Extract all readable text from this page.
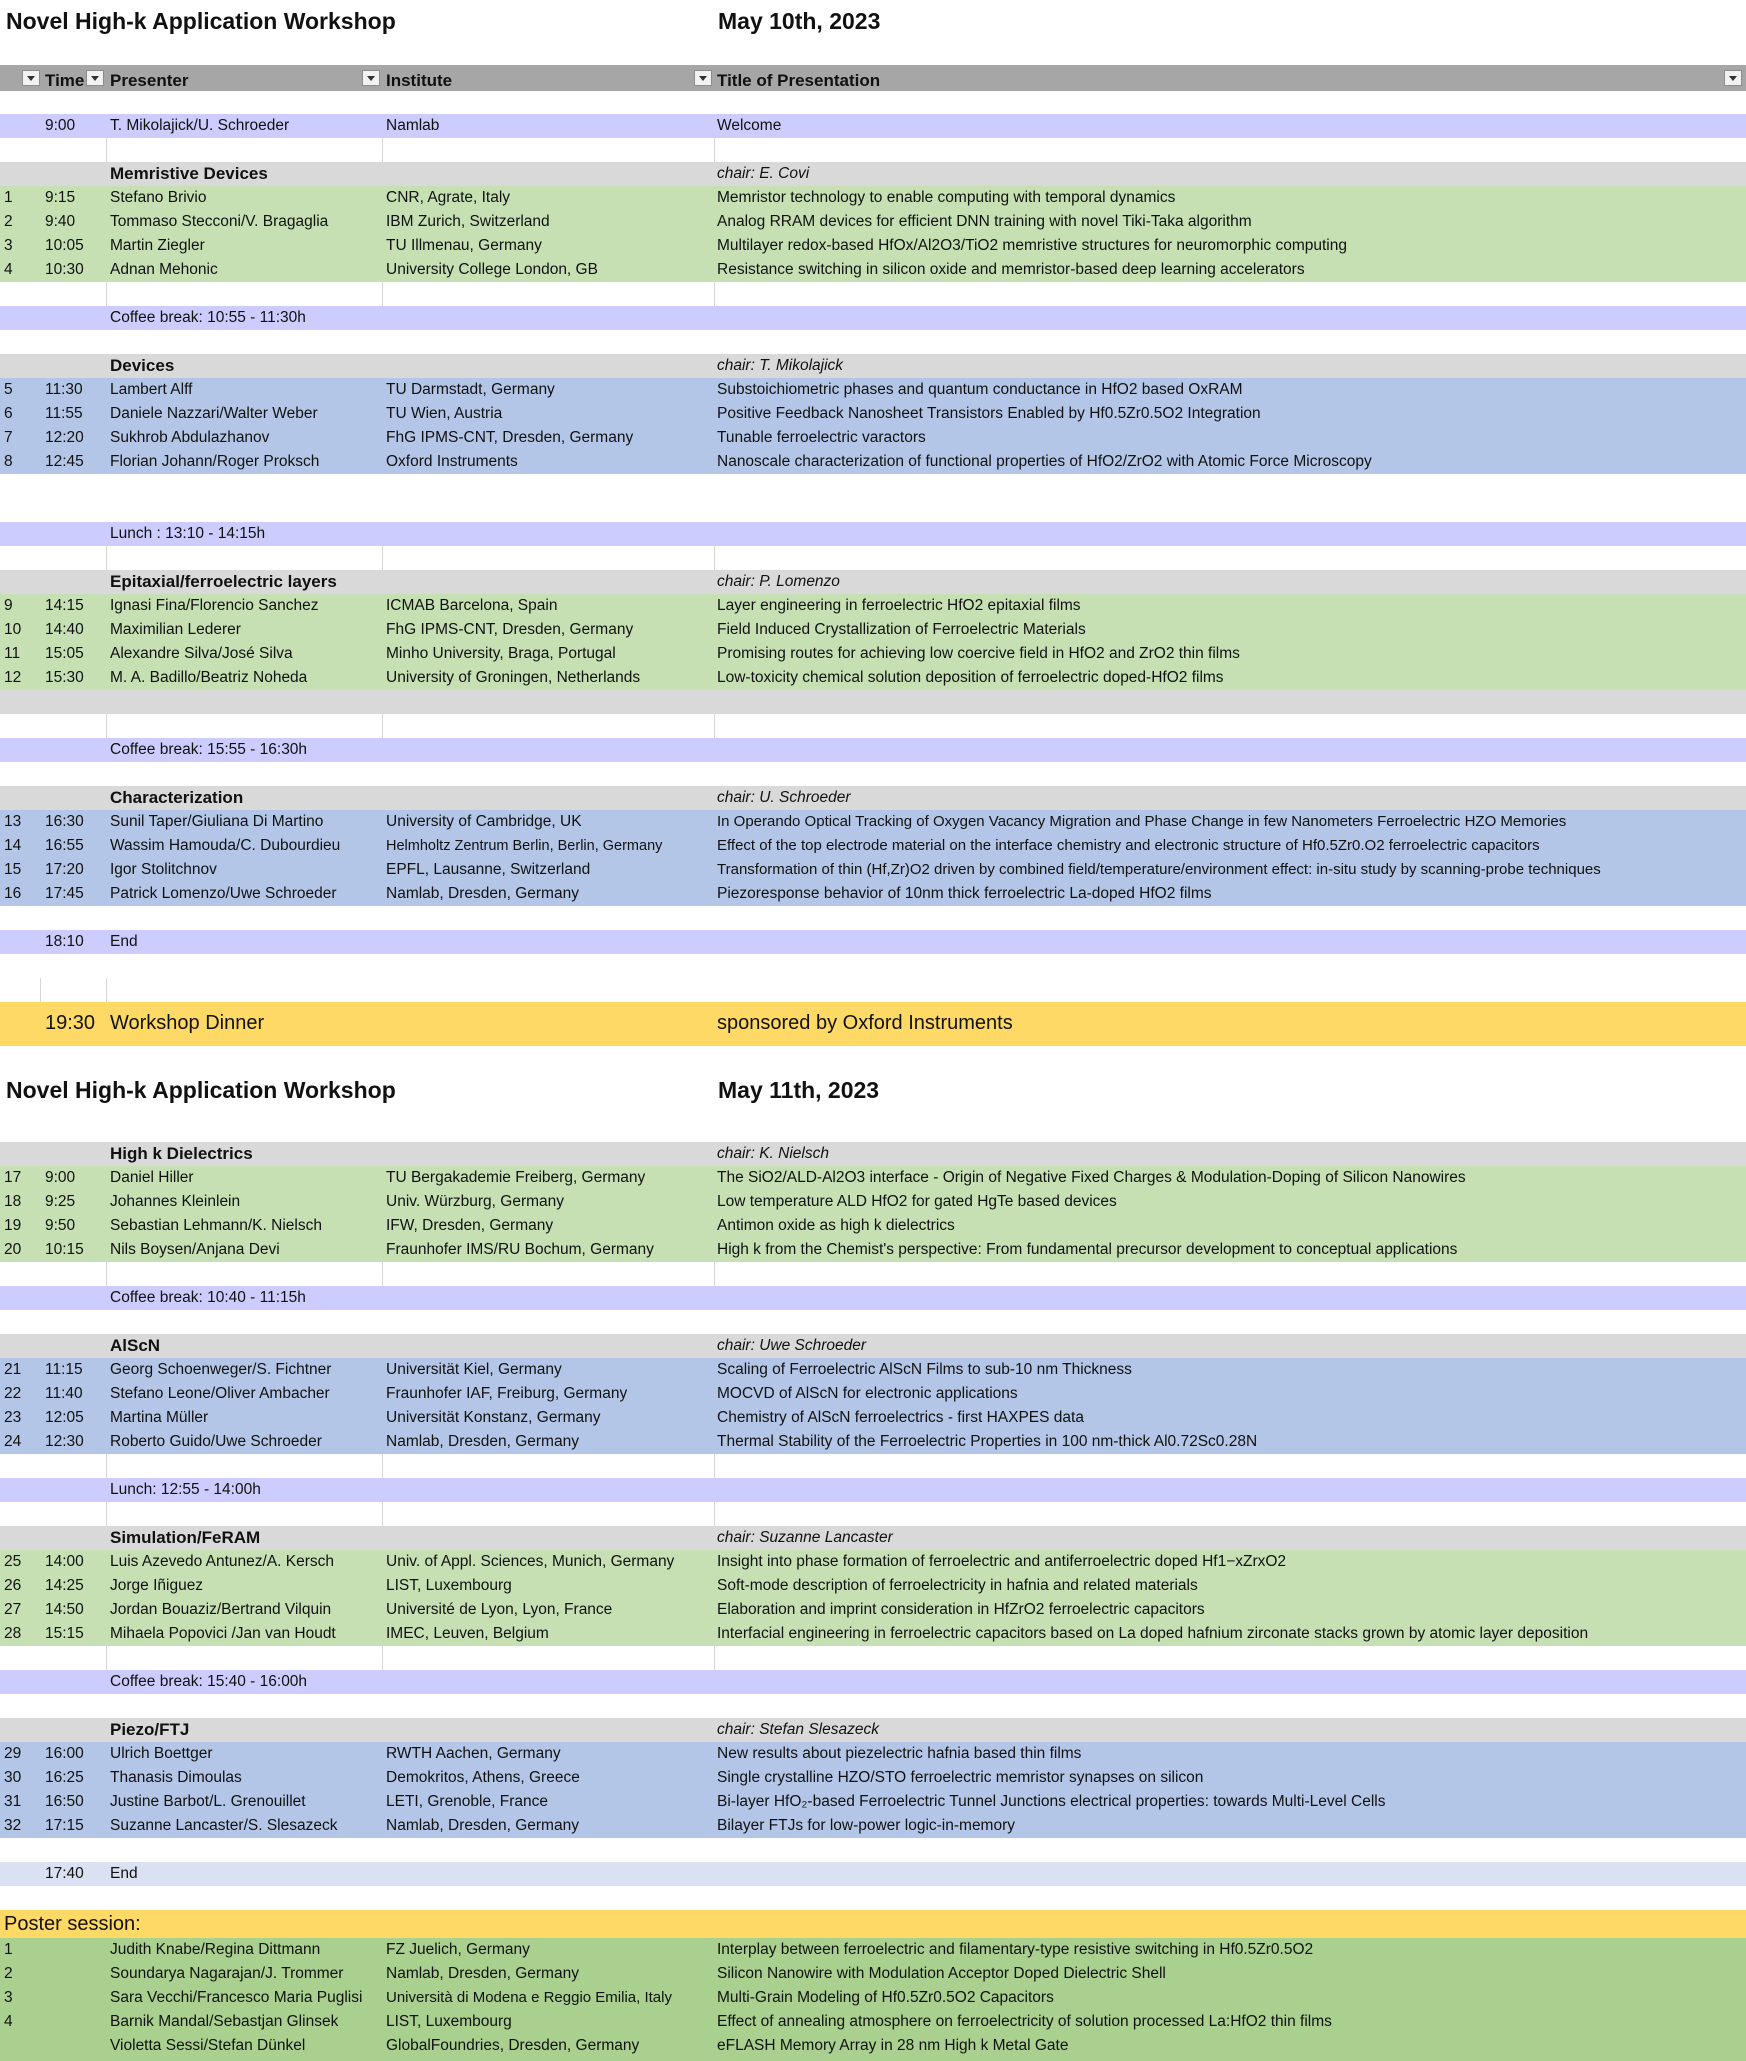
Novel High-k Application Workshop	May 10th, 2023
Time	Presenter	Institute	Title of Presentation
9:00	T. Mikolajick/U. Schroeder	Namlab	Welcome
Memristive Devices	chair: E. Covi
1	9:15	Stefano Brivio	CNR, Agrate, Italy	Memristor technology to enable computing with temporal dynamics
2	9:40	Tommaso Stecconi/V. Bragaglia	IBM Zurich, Switzerland	Analog RRAM devices for efficient DNN training with novel Tiki-Taka algorithm
3	10:05	Martin Ziegler	TU Illmenau, Germany	Multilayer redox-based HfOx/Al2O3/TiO2 memristive structures for neuromorphic computing
4	10:30	Adnan Mehonic	University College London, GB	Resistance switching in silicon oxide and memristor-based deep learning accelerators
Coffee break: 10:55 - 11:30h
Devices	chair: T. Mikolajick
5	11:30	Lambert Alff	TU Darmstadt, Germany	Substoichiometric phases and quantum conductance in HfO2 based OxRAM
6	11:55	Daniele Nazzari/Walter Weber	TU Wien, Austria	Positive Feedback Nanosheet Transistors Enabled by Hf0.5Zr0.5O2 Integration
7	12:20	Sukhrob Abdulazhanov	FhG IPMS-CNT, Dresden, Germany	Tunable ferroelectric varactors
8	12:45	Florian Johann/Roger Proksch	Oxford Instruments	Nanoscale characterization of functional properties of HfO2/ZrO2 with Atomic Force Microscopy
Lunch : 13:10 - 14:15h
Epitaxial/ferroelectric layers	chair: P. Lomenzo
9	14:15	Ignasi Fina/Florencio Sanchez	ICMAB Barcelona, Spain	Layer engineering in ferroelectric HfO2 epitaxial films
10	14:40	Maximilian Lederer	FhG IPMS-CNT, Dresden, Germany	Field Induced Crystallization of Ferroelectric Materials
11	15:05	Alexandre Silva/José Silva	Minho University, Braga, Portugal	Promising routes for achieving low coercive field in HfO2 and ZrO2 thin films
12	15:30	M. A. Badillo/Beatriz Noheda	University of Groningen, Netherlands	Low-toxicity chemical solution deposition of ferroelectric doped-HfO2 films
Coffee break: 15:55 - 16:30h
Characterization	chair: U. Schroeder
13	16:30	Sunil Taper/Giuliana Di Martino	University of Cambridge, UK	In Operando Optical Tracking of Oxygen Vacancy Migration and Phase Change in few Nanometers Ferroelectric HZO Memories
14	16:55	Wassim Hamouda/C. Dubourdieu	Helmholtz Zentrum Berlin, Berlin, Germany	Effect of the top electrode material on the interface chemistry and electronic structure of Hf0.5Zr0.O2 ferroelectric capacitors
15	17:20	Igor Stolitchnov	EPFL, Lausanne, Switzerland	Transformation of thin (Hf,Zr)O2 driven by combined field/temperature/environment effect: in-situ study by scanning-probe techniques
16	17:45	Patrick Lomenzo/Uwe Schroeder	Namlab, Dresden, Germany	Piezoresponse behavior of 10nm thick ferroelectric La-doped HfO2 films
18:10	End
19:30 Workshop Dinner	sponsored by Oxford Instruments
Novel High-k Application Workshop	May 11th, 2023
High k Dielectrics	chair: K. Nielsch
17	9:00	Daniel Hiller	TU Bergakademie Freiberg, Germany	The SiO2/ALD-Al2O3 interface - Origin of Negative Fixed Charges & Modulation-Doping of Silicon Nanowires
18	9:25	Johannes Kleinlein	Univ. Würzburg, Germany	Low temperature ALD HfO2 for gated HgTe based devices
19	9:50	Sebastian Lehmann/K. Nielsch	IFW, Dresden, Germany	Antimon oxide as high k dielectrics
20	10:15	Nils Boysen/Anjana Devi	Fraunhofer IMS/RU Bochum, Germany	High k from the Chemist's perspective: From fundamental precursor development to conceptual applications
Coffee break: 10:40 - 11:15h
AlScN	chair: Uwe Schroeder
21	11:15	Georg Schoenweger/S. Fichtner	Universität Kiel, Germany	Scaling of Ferroelectric AlScN Films to sub-10 nm Thickness
22	11:40	Stefano Leone/Oliver Ambacher	Fraunhofer IAF, Freiburg, Germany	MOCVD of AlScN for electronic applications
23	12:05	Martina Müller	Universität Konstanz, Germany	Chemistry of AlScN ferroelectrics - first HAXPES data
24	12:30	Roberto Guido/Uwe Schroeder	Namlab, Dresden, Germany	Thermal Stability of the Ferroelectric Properties in 100 nm-thick Al0.72Sc0.28N
Lunch: 12:55 - 14:00h
Simulation/FeRAM	chair: Suzanne Lancaster
25	14:00	Luis Azevedo Antunez/A. Kersch	Univ. of Appl. Sciences, Munich, Germany	Insight into phase formation of ferroelectric and antiferroelectric doped Hf1−xZrxO2
26	14:25	Jorge Iñiguez	LIST, Luxembourg	Soft-mode description of ferroelectricity in hafnia and related materials
27	14:50	Jordan Bouaziz/Bertrand Vilquin	Université de Lyon, Lyon, France	Elaboration and imprint consideration in HfZrO2 ferroelectric capacitors
28	15:15	Mihaela Popovici /Jan van Houdt	IMEC, Leuven, Belgium	Interfacial engineering in ferroelectric capacitors based on La doped hafnium zirconate stacks grown by atomic layer deposition
Coffee break: 15:40 - 16:00h
Piezo/FTJ	chair: Stefan Slesazeck
29	16:00	Ulrich Boettger	RWTH Aachen, Germany	New results about piezelectric hafnia based thin films
30	16:25	Thanasis Dimoulas	Demokritos, Athens, Greece	Single crystalline HZO/STO ferroelectric memristor synapses on silicon
31	16:50	Justine Barbot/L. Grenouillet	LETI, Grenoble, France	Bi-layer HfO₂-based Ferroelectric Tunnel Junctions electrical properties: towards Multi-Level Cells
32	17:15	Suzanne Lancaster/S. Slesazeck	Namlab, Dresden, Germany	Bilayer FTJs for low-power logic-in-memory
17:40	End
Poster session:
1	Judith Knabe/Regina Dittmann	FZ Juelich, Germany	Interplay between ferroelectric and filamentary-type resistive switching in Hf0.5Zr0.5O2
2	Soundarya Nagarajan/J. Trommer	Namlab, Dresden, Germany	Silicon Nanowire with Modulation Acceptor Doped Dielectric Shell
3	Sara Vecchi/Francesco Maria Puglisi	Università di Modena e Reggio Emilia, Italy	Multi-Grain Modeling of Hf0.5Zr0.5O2 Capacitors
4	Barnik Mandal/Sebastjan Glinsek	LIST, Luxembourg	Effect of annealing atmosphere on ferroelectricity of solution processed La:HfO2 thin films
Violetta Sessi/Stefan Dünkel	GlobalFoundries, Dresden, Germany	eFLASH Memory Array in 28 nm High k Metal Gate
